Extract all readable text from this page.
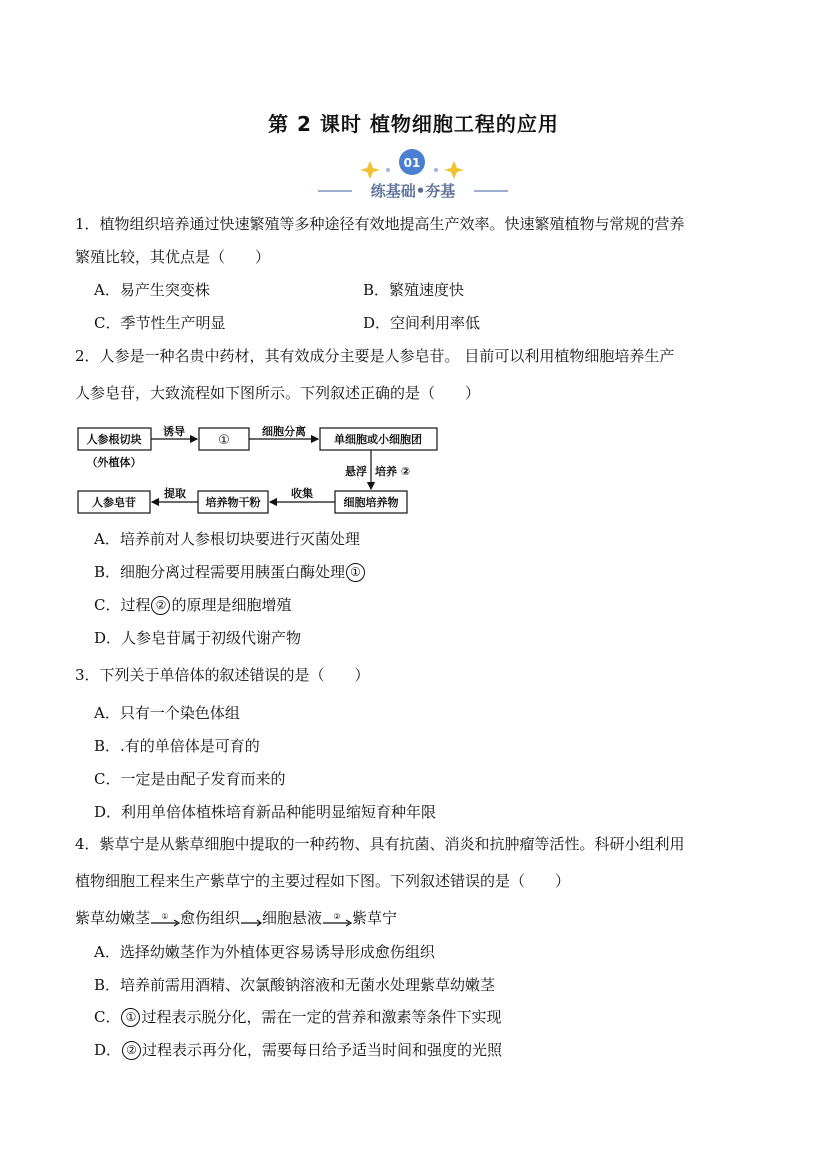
第 2 课时 植物细胞工程的应用
01
练基础•夯基
1．植物组织培养通过快速繁殖等多种途径有效地提高生产效率。快速繁殖植物与常规的营养
繁殖比较，其优点是（　　）
A．易产生突变株	B．繁殖速度快
C．季节性生产明显	D．空间利用率低
2．人参是一种名贵中药材，其有效成分主要是人参皂苷。 目前可以利用植物细胞培养生产
人参皂苷，大致流程如下图所示。下列叙述正确的是（　　）
人参根切块
（外植体）
诱导
①
细胞分离
单细胞或小细胞团
悬浮 培养 ②
细胞培养物
收集
培养物干粉
提取
人参皂苷
A．培养前对人参根切块要进行灭菌处理
B．细胞分离过程需要用胰蛋白酶处理 ①
C．过程 ② 的原理是细胞增殖
D．人参皂苷属于初级代谢产物
3．下列关于单倍体的叙述错误的是（　　）
A．只有一个染色体组
B．.有的单倍体是可育的
C．一定是由配子发育而来的
D．利用单倍体植株培育新品种能明显缩短育种年限
4．紫草宁是从紫草细胞中提取的一种药物、具有抗菌、消炎和抗肿瘤等活性。科研小组利用
植物细胞工程来生产紫草宁的主要过程如下图。下列叙述错误的是（　　）
紫草幼嫩茎 ① 愈伤组织 细胞悬液 ② 紫草宁
A．选择幼嫩茎作为外植体更容易诱导形成愈伤组织
B．培养前需用酒精、次氯酸钠溶液和无菌水处理紫草幼嫩茎
C． ① 过程表示脱分化，需在一定的营养和激素等条件下实现
D． ② 过程表示再分化，需要每日给予适当时间和强度的光照
